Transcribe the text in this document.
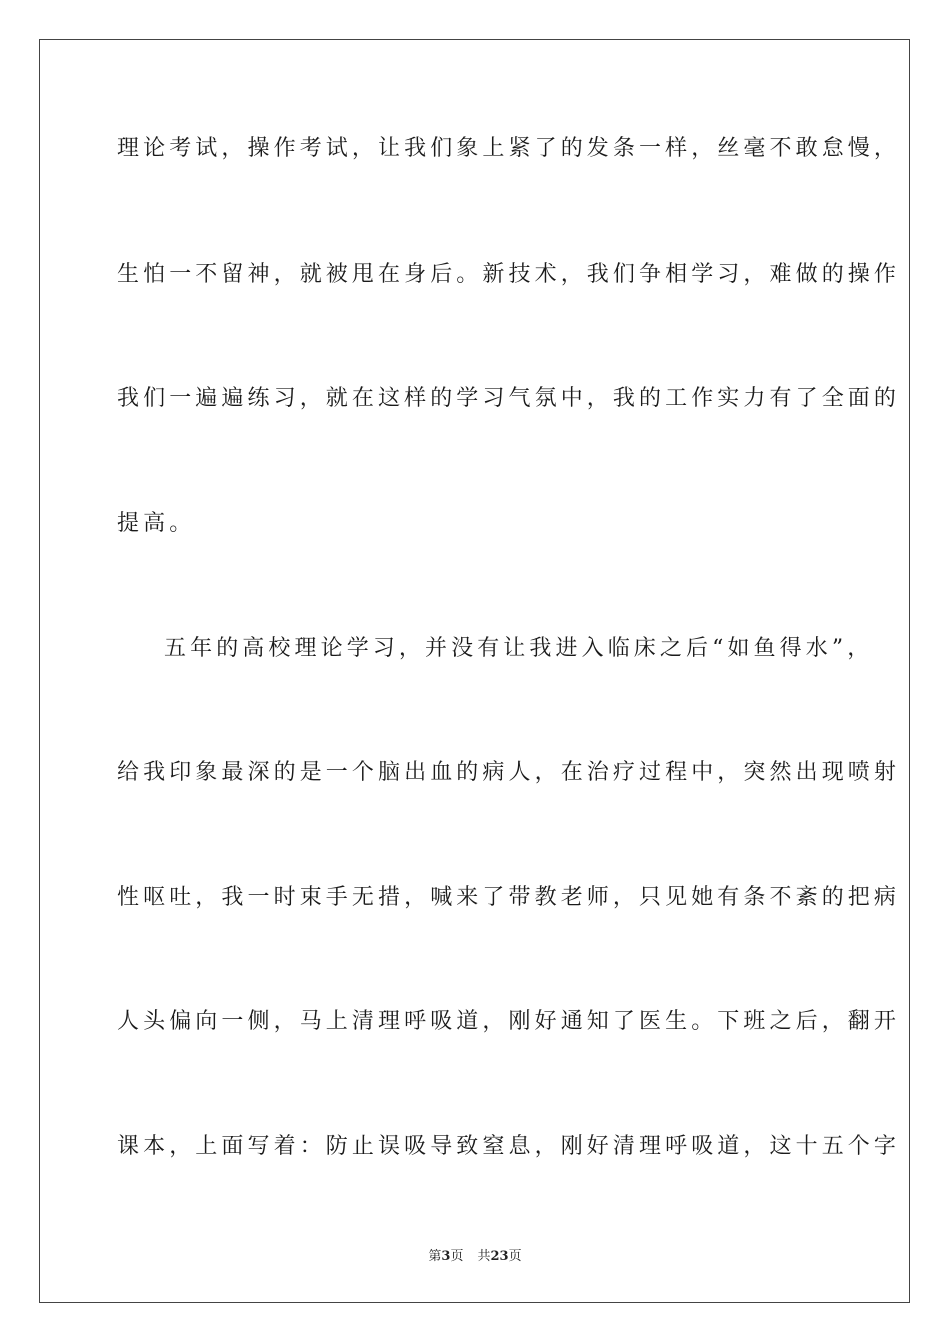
理论考试，操作考试，让我们象上紧了的发条一样，丝毫不敢怠慢，
生怕一不留神，就被甩在身后。新技术，我们争相学习，难做的操作
我们一遍遍练习，就在这样的学习气氛中，我的工作实力有了全面的
提高。
五年的高校理论学习，并没有让我进入临床之后“如鱼得水”，
给我印象最深的是一个脑出血的病人，在治疗过程中，突然出现喷射
性呕吐，我一时束手无措，喊来了带教老师，只见她有条不紊的把病
人头偏向一侧，马上清理呼吸道，刚好通知了医生。下班之后，翻开
课本，上面写着：防止误吸导致窒息，刚好清理呼吸道，这十五个字
第3页 共23页
